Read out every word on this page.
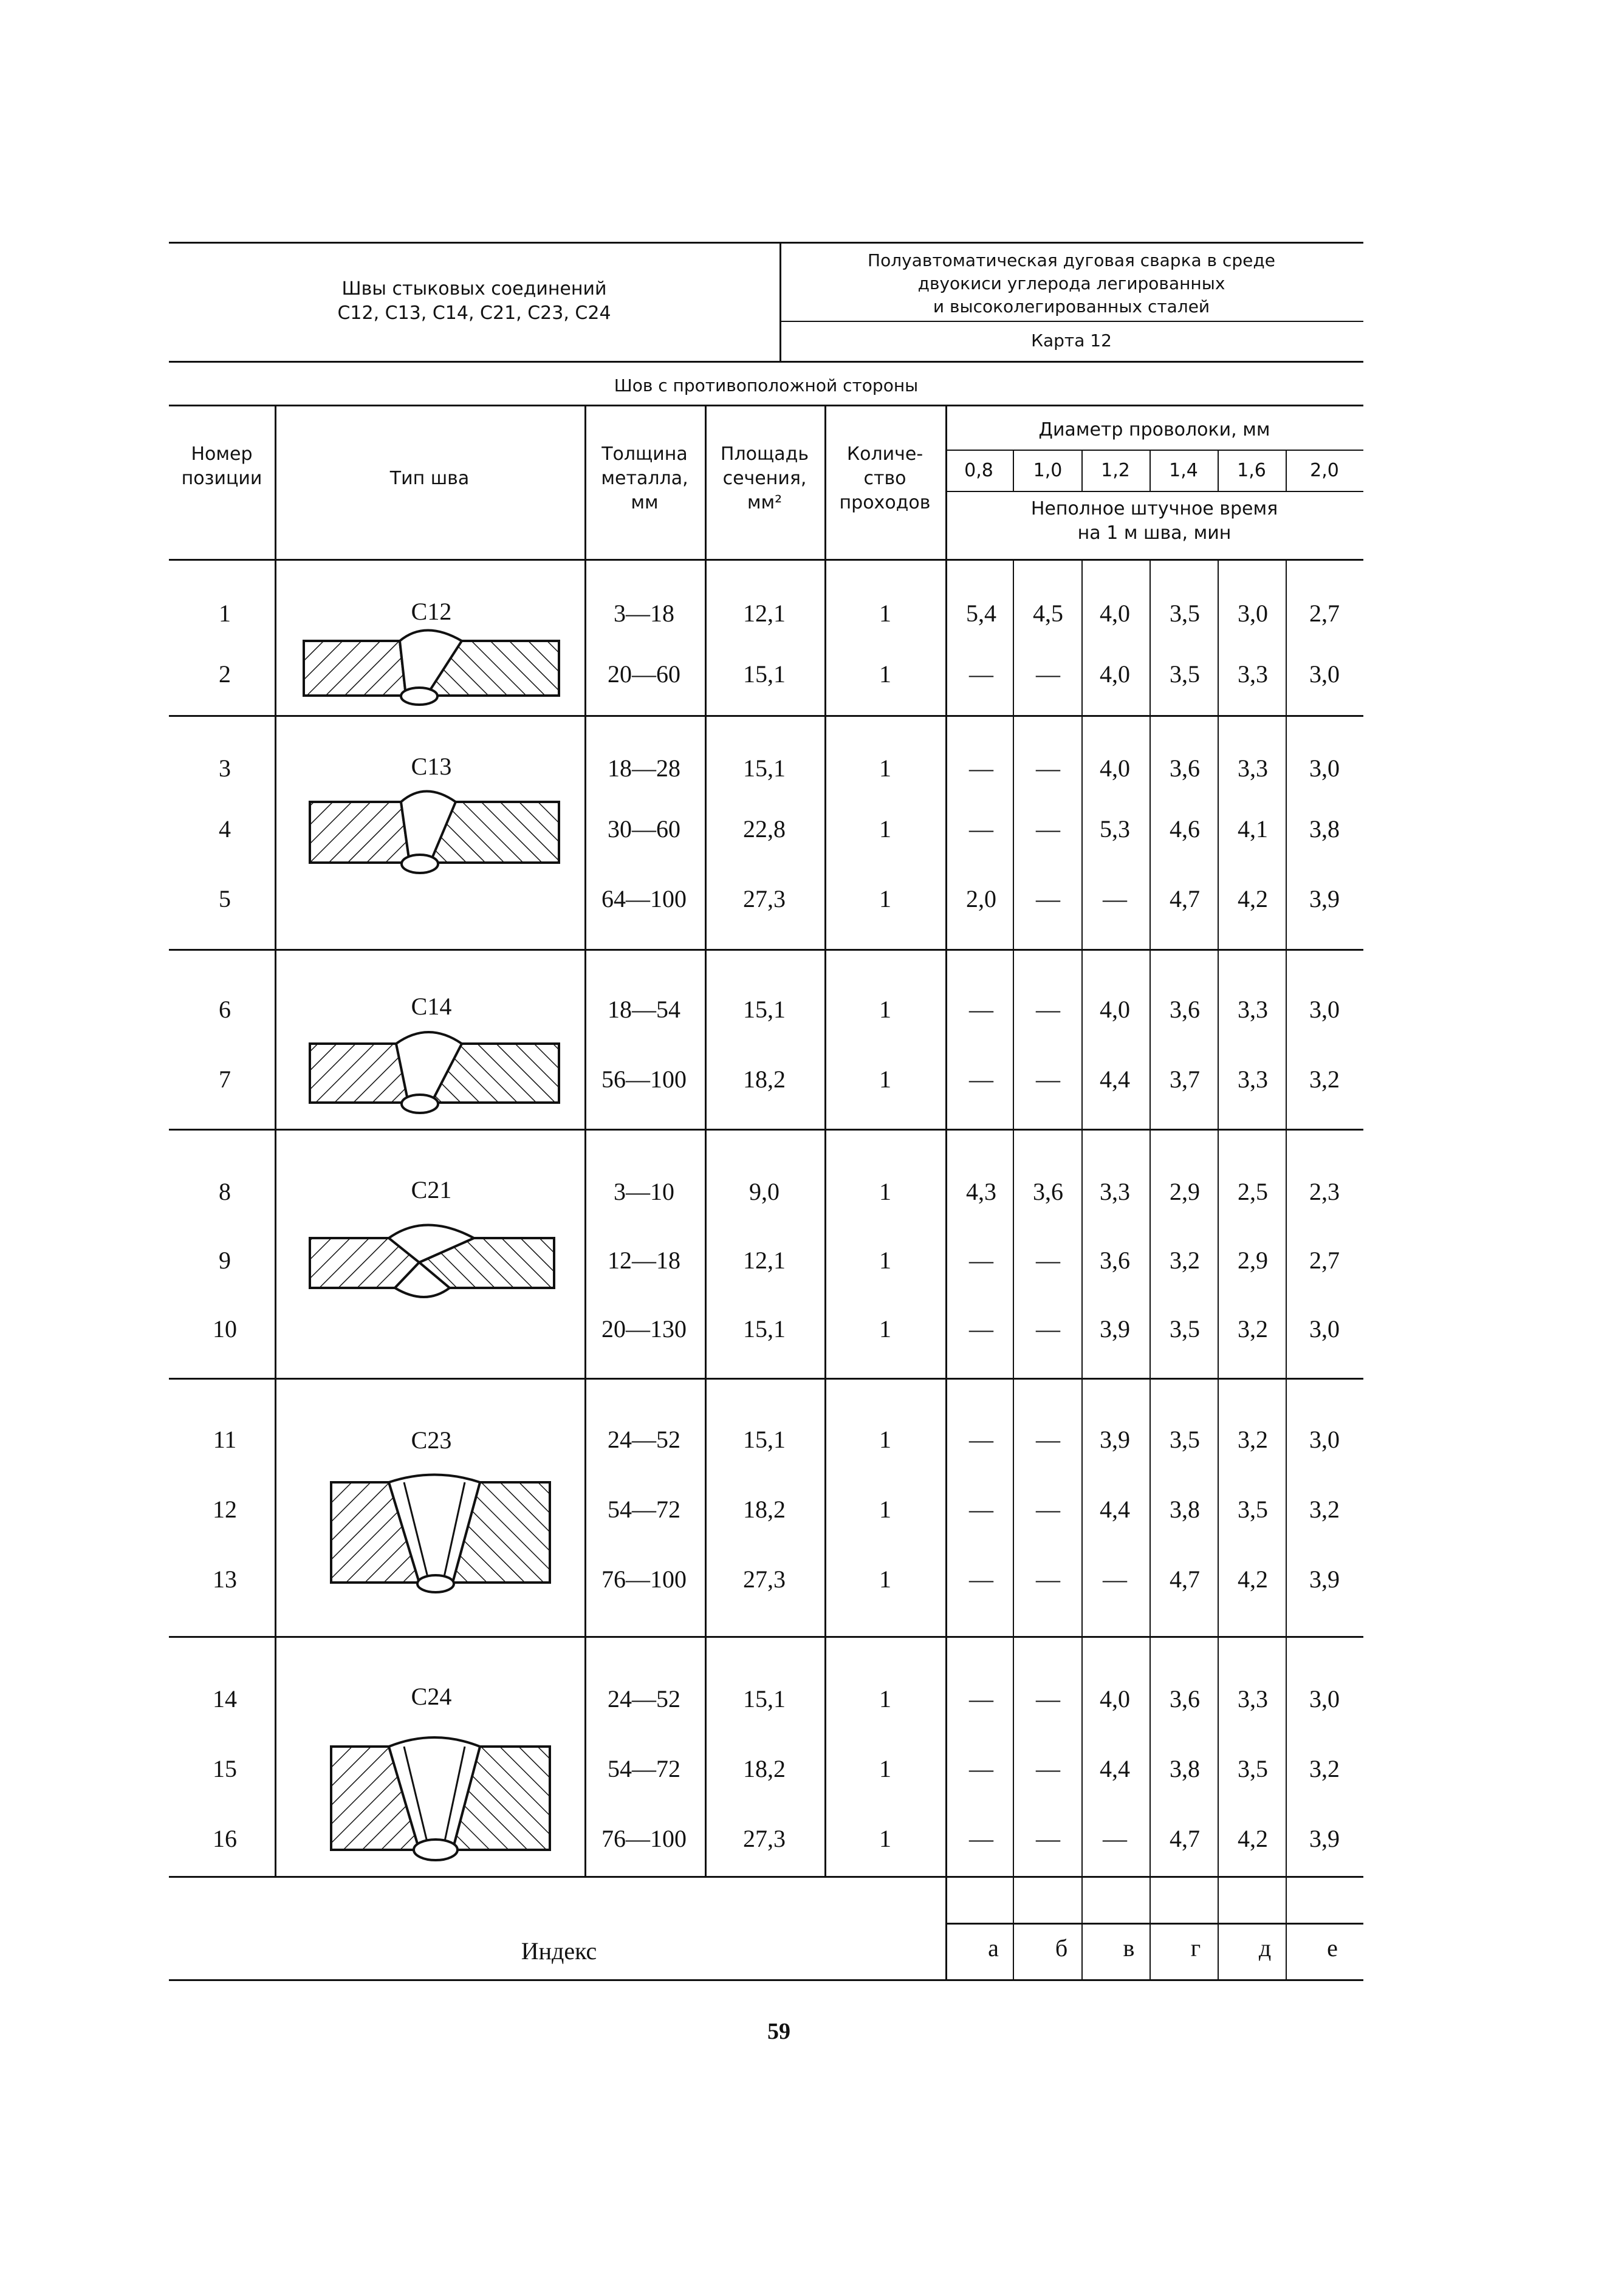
Швы стыковых соединений
С12, С13, С14, С21, С23, С24
Полуавтоматическая дуговая сварка в среде
двуокиси углерода легированных
и высоколегированных сталей
Карта 12
Шов с противоположной стороны
Номер
позиции	Тип шва
Толщина
металла,
мм
Площадь
сечения,
мм²
Количе-
ство
проходов
Диаметр проволоки, мм
Неполное штучное время
на 1 м шва, мин
0,8	1,0	1,2	1,4	1,6	2,0
С12
С13
С14
С21
С23
С24
1	3—18	12,1	1	5,4 4,5 4,0 3,5 3,0 2,7
2	20—60	15,1	1	— — 4,0 3,5 3,3 3,0
3	18—28	15,1	1	— — 4,0 3,6 3,3 3,0
4	30—60	22,8	1	— — 5,3 4,6 4,1 3,8
5	64—100 27,3	1	2,0 — — 4,7 4,2 3,9
6	18—54	15,1	1	— — 4,0 3,6 3,3 3,0
7	56—100 18,2	1	— — 4,4 3,7 3,3 3,2
8	3—10	9,0	1	4,3 3,6 3,3 2,9 2,5 2,3
9	12—18	12,1	1	— — 3,6 3,2 2,9 2,7
10	20—130 15,1	1	— — 3,9 3,5 3,2 3,0
11	24—52	15,1	1	— — 3,9 3,5 3,2 3,0
12	54—72	18,2	1	— — 4,4 3,8 3,5 3,2
13	76—100 27,3	1	— — — 4,7 4,2 3,9
14	24—52	15,1	1	— — 4,0 3,6 3,3 3,0
15	54—72	18,2	1	— — 4,4 3,8 3,5 3,2
16	76—100 27,3	1	— — — 4,7 4,2 3,9
Индекс	а б в г д е
59
